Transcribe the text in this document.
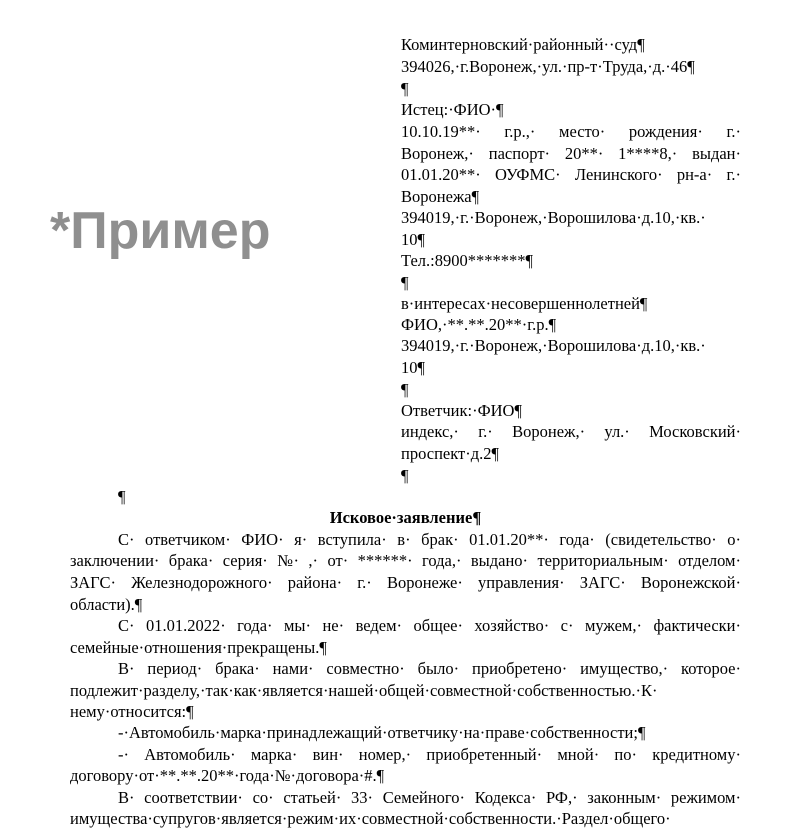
*Пример
Коминтерновский·районный··суд¶
394026,·г.Воронеж,·ул.·пр-т·Труда,·д.·46¶
¶
Истец:·ФИО·¶
10.10.19**·  г.р.,·  место·  рождения·  г.·
Воронеж,·  паспорт·  20**·  1****8,·  выдан·
01.01.20**·  ОУФМС·  Ленинского·  рн-а·  г.·
Воронежа¶
394019,·г.·Воронеж,·Ворошилова·д.10,·кв.·
10¶
Тел.:8900*******¶
¶
в·интересах·несовершеннолетней¶
ФИО,·**.**.20**·г.р.¶
394019,·г.·Воронеж,·Ворошилова·д.10,·кв.·
10¶
¶
Ответчик:·ФИО¶
индекс,·  г.·  Воронеж,·  ул.·  Московский·
проспект·д.2¶
¶
¶
Исковое·заявление¶
С·  ответчиком·  ФИО·  я·  вступила·  в·  брак·  01.01.20**·  года·  (свидетельство·  о·
заключении·  брака·  серия·  №·  ,·  от·  ******·  года,·  выдано·  территориальным·  отделом·
ЗАГС·  Железнодорожного·  района·  г.·  Воронеже·  управления·  ЗАГС·  Воронежской·
области).¶
С·  01.01.2022·  года·  мы·  не·  ведем·  общее·  хозяйство·  с·  мужем,·  фактически·
семейные·отношения·прекращены.¶
В·  период·  брака·  нами·  совместно·  было·  приобретено·  имущество,·  которое·
подлежит·разделу,·так·как·является·нашей·общей·совместной·собственностью.·К·
нему·относится:¶
-·Автомобиль·марка·принадлежащий·ответчику·на·праве·собственности;¶
-·  Автомобиль·  марка·  вин·  номер,·  приобретенный·  мной·  по·  кредитному·
договору·от·**.**.20**·года·№·договора·#.¶
В·  соответствии·  со·  статьей·  33·  Семейного·  Кодекса·  РФ,·  законным·  режимом·
имущества·супругов·является·режим·их·совместной·собственности.·Раздел·общего·
